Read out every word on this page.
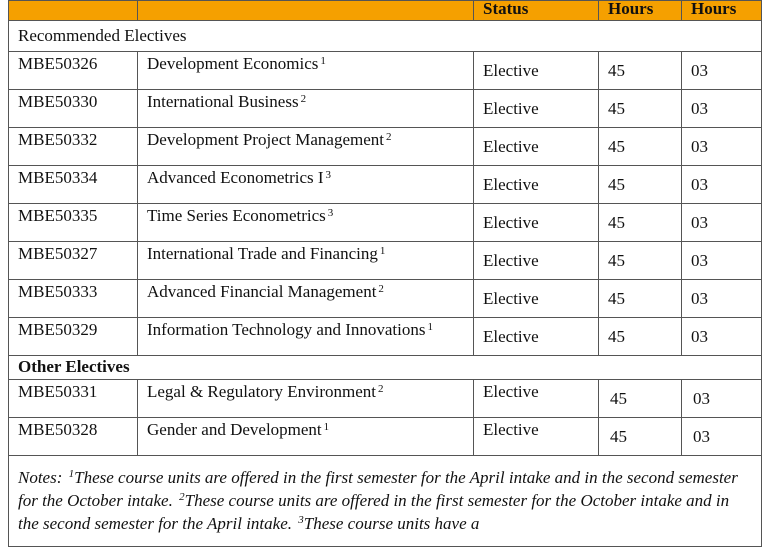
		Status	Hours	Hours
Recommended Electives				
MBE50326	Development Economics $^1$	Elective	45	03
MBE50330	International Business $^2$	Elective	45	03
MBE50332	Development Project Management $^2$	Elective	45	03
MBE50334	Advanced Econometrics I $^3$	Elective	45	03
MBE50335	Time Series Econometrics $^3$	Elective	45	03
MBE50327	International Trade and Financing $^1$	Elective	45	03
MBE50333	Advanced Financial Management $^2$	Elective	45	03
MBE50329	Information Technology and Innovations $^1$	Elective	45	03
Other Electives				
MBE50331	Legal & Regulatory Environment $^2$	Elective	45	03
MBE50328	Gender and Development $^1$	Elective	45	03
Notes: $^1$These course units are offered in the first semester for the April intake and in the second semester for the October intake. $^2$These course units are offered in the first semester for the October intake and in the second semester for the April intake. $^3$These course units have a				
